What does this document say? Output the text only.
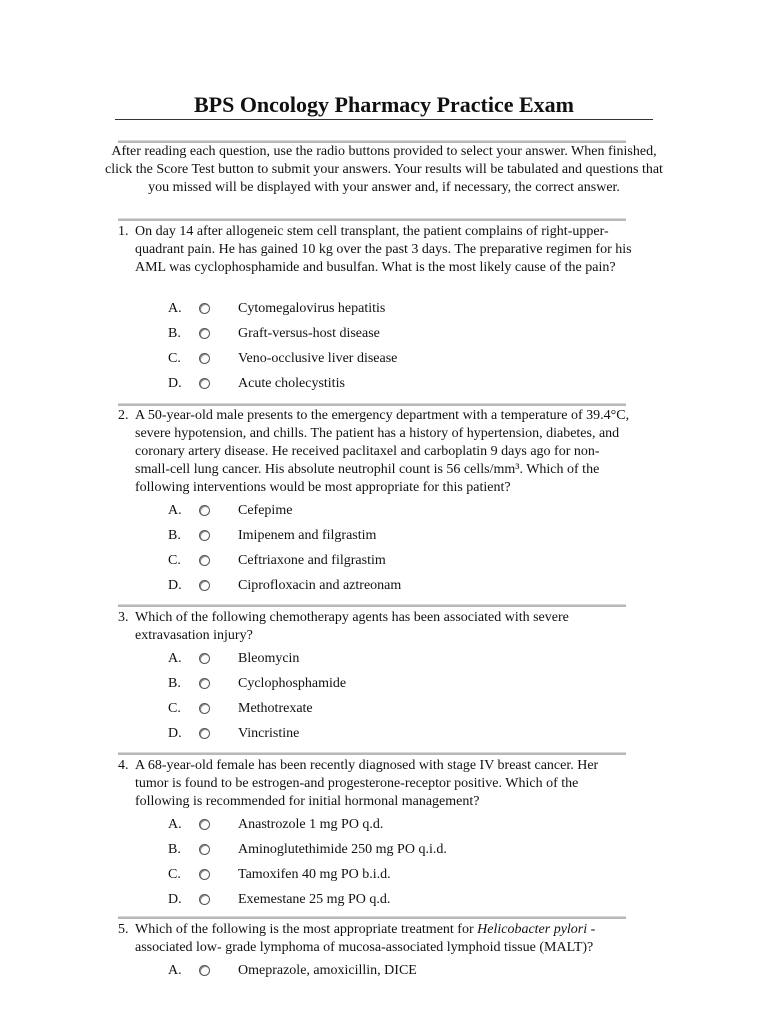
BPS Oncology Pharmacy Practice Exam

After reading each question, use the radio buttons provided to select your answer. When finished, click the Score Test button to submit your answers. Your results will be tabulated and questions that you missed will be displayed with your answer and, if necessary, the correct answer.

1. On day 14 after allogeneic stem cell transplant, the patient complains of right-upper-quadrant pain. He has gained 10 kg over the past 3 days. The preparative regimen for his AML was cyclophosphamide and busulfan. What is the most likely cause of the pain?

A.	Cytomegalovirus hepatitis
B.	Graft-versus-host disease
C.	Veno-occlusive liver disease
D.	Acute cholecystitis
2. A 50-year-old male presents to the emergency department with a temperature of 39.4°C, severe hypotension, and chills. The patient has a history of hypertension, diabetes, and coronary artery disease. He received paclitaxel and carboplatin 9 days ago for non-small-cell lung cancer. His absolute neutrophil count is 56 cells/mm³. Which of the following interventions would be most appropriate for this patient?

A.	Cefepime
B.	Imipenem and filgrastim
C.	Ceftriaxone and filgrastim
D.	Ciprofloxacin and aztreonam
3. Which of the following chemotherapy agents has been associated with severe extravasation injury?

A.	Bleomycin
B.	Cyclophosphamide
C.	Methotrexate
D.	Vincristine
4. A 68-year-old female has been recently diagnosed with stage IV breast cancer. Her tumor is found to be estrogen-and progesterone-receptor positive. Which of the following is recommended for initial hormonal management?

A.	Anastrozole 1 mg PO q.d.
B.	Aminoglutethimide 250 mg PO q.i.d.
C.	Tamoxifen 40 mg PO b.i.d.
D.	Exemestane 25 mg PO q.d.
5. Which of the following is the most appropriate treatment for Helicobacter pylori -associated low- grade lymphoma of mucosa-associated lymphoid tissue (MALT)?

A.	Omeprazole, amoxicillin, DICE
